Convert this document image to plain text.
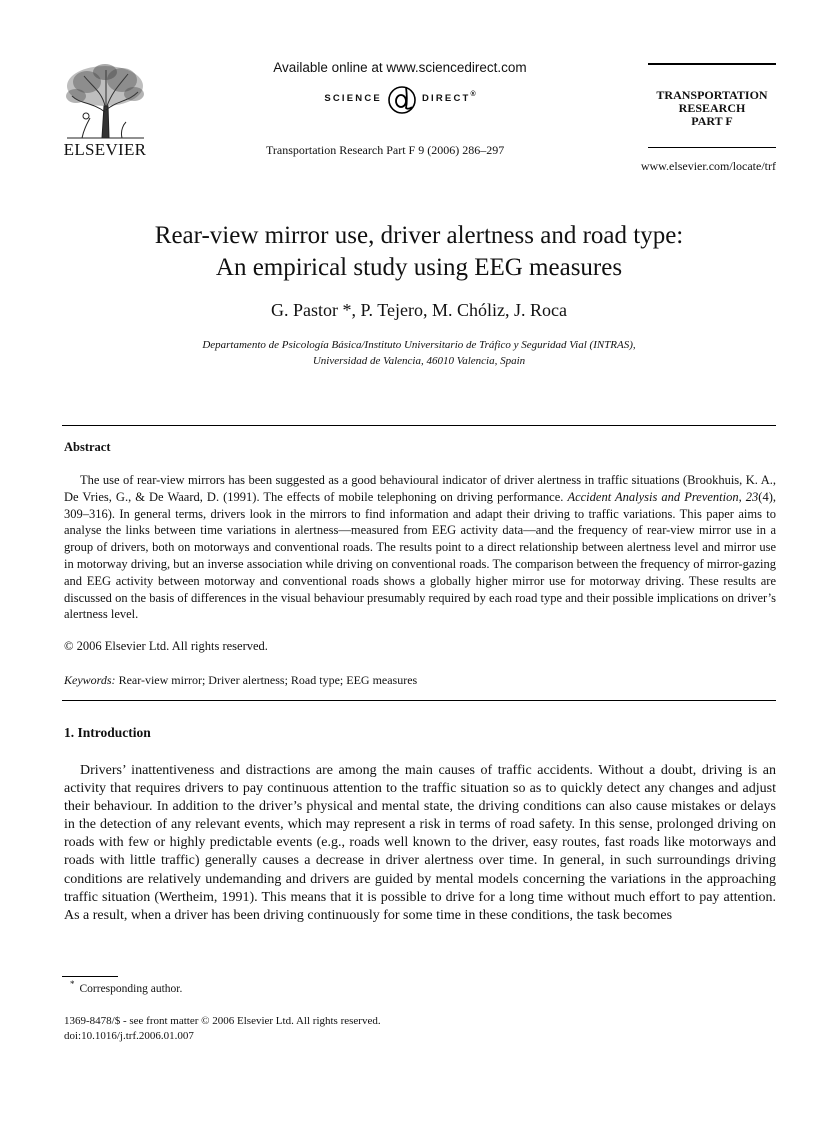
ELSEVIER
Available online at www.sciencedirect.com
SCIENCE	DIRECT ®
Transportation Research Part F 9 (2006) 286–297
TRANSPORTATION
RESEARCH
PART F
www.elsevier.com/locate/trf
Rear-view mirror use, driver alertness and road type:
An empirical study using EEG measures
G. Pastor *, P. Tejero, M. Chóliz, J. Roca
Departamento de Psicología Básica/Instituto Universitario de Tráfico y Seguridad Vial (INTRAS),
Universidad de Valencia, 46010 Valencia, Spain
Abstract
The use of rear-view mirrors has been suggested as a good behavioural indicator of driver alertness in traffic situations (Brookhuis, K. A., De Vries, G., & De Waard, D. (1991). The effects of mobile telephoning on driving performance. Accident Analysis and Prevention, 23(4), 309–316). In general terms, drivers look in the mirrors to find information and adapt their driving to traffic variations. This paper aims to analyse the links between time variations in alertness—measured from EEG activity data—and the frequency of rear-view mirror use in a group of drivers, both on motorways and conventional roads. The results point to a direct relationship between alertness level and mirror use in motorway driving, but an inverse association while driving on conventional roads. The comparison between the frequency of mirror-gazing and EEG activity between motorway and conventional roads shows a globally higher mirror use for motorway driving. These results are discussed on the basis of differences in the visual behaviour presumably required by each road type and their possible implications on driver’s alertness level.
© 2006 Elsevier Ltd. All rights reserved.
Keywords: Rear-view mirror; Driver alertness; Road type; EEG measures
1. Introduction
Drivers’ inattentiveness and distractions are among the main causes of traffic accidents. Without a doubt, driving is an activity that requires drivers to pay continuous attention to the traffic situation so as to quickly detect any changes and adjust their behaviour. In addition to the driver’s physical and mental state, the driving conditions can also cause mistakes or delays in the detection of any relevant events, which may represent a risk in terms of road safety. In this sense, prolonged driving on roads with few or highly predictable events (e.g., roads well known to the driver, easy routes, fast roads like motorways and roads with little traffic) generally causes a decrease in driver alertness over time. In general, in such surroundings driving conditions are relatively undemanding and drivers are guided by mental models concerning the variations in the approaching traffic situation (Wertheim, 1991). This means that it is possible to drive for a long time without much effort to pay attention. As a result, when a driver has been driving continuously for some time in these conditions, the task becomes
* Corresponding author.
1369-8478/$ - see front matter © 2006 Elsevier Ltd. All rights reserved.
doi:10.1016/j.trf.2006.01.007
